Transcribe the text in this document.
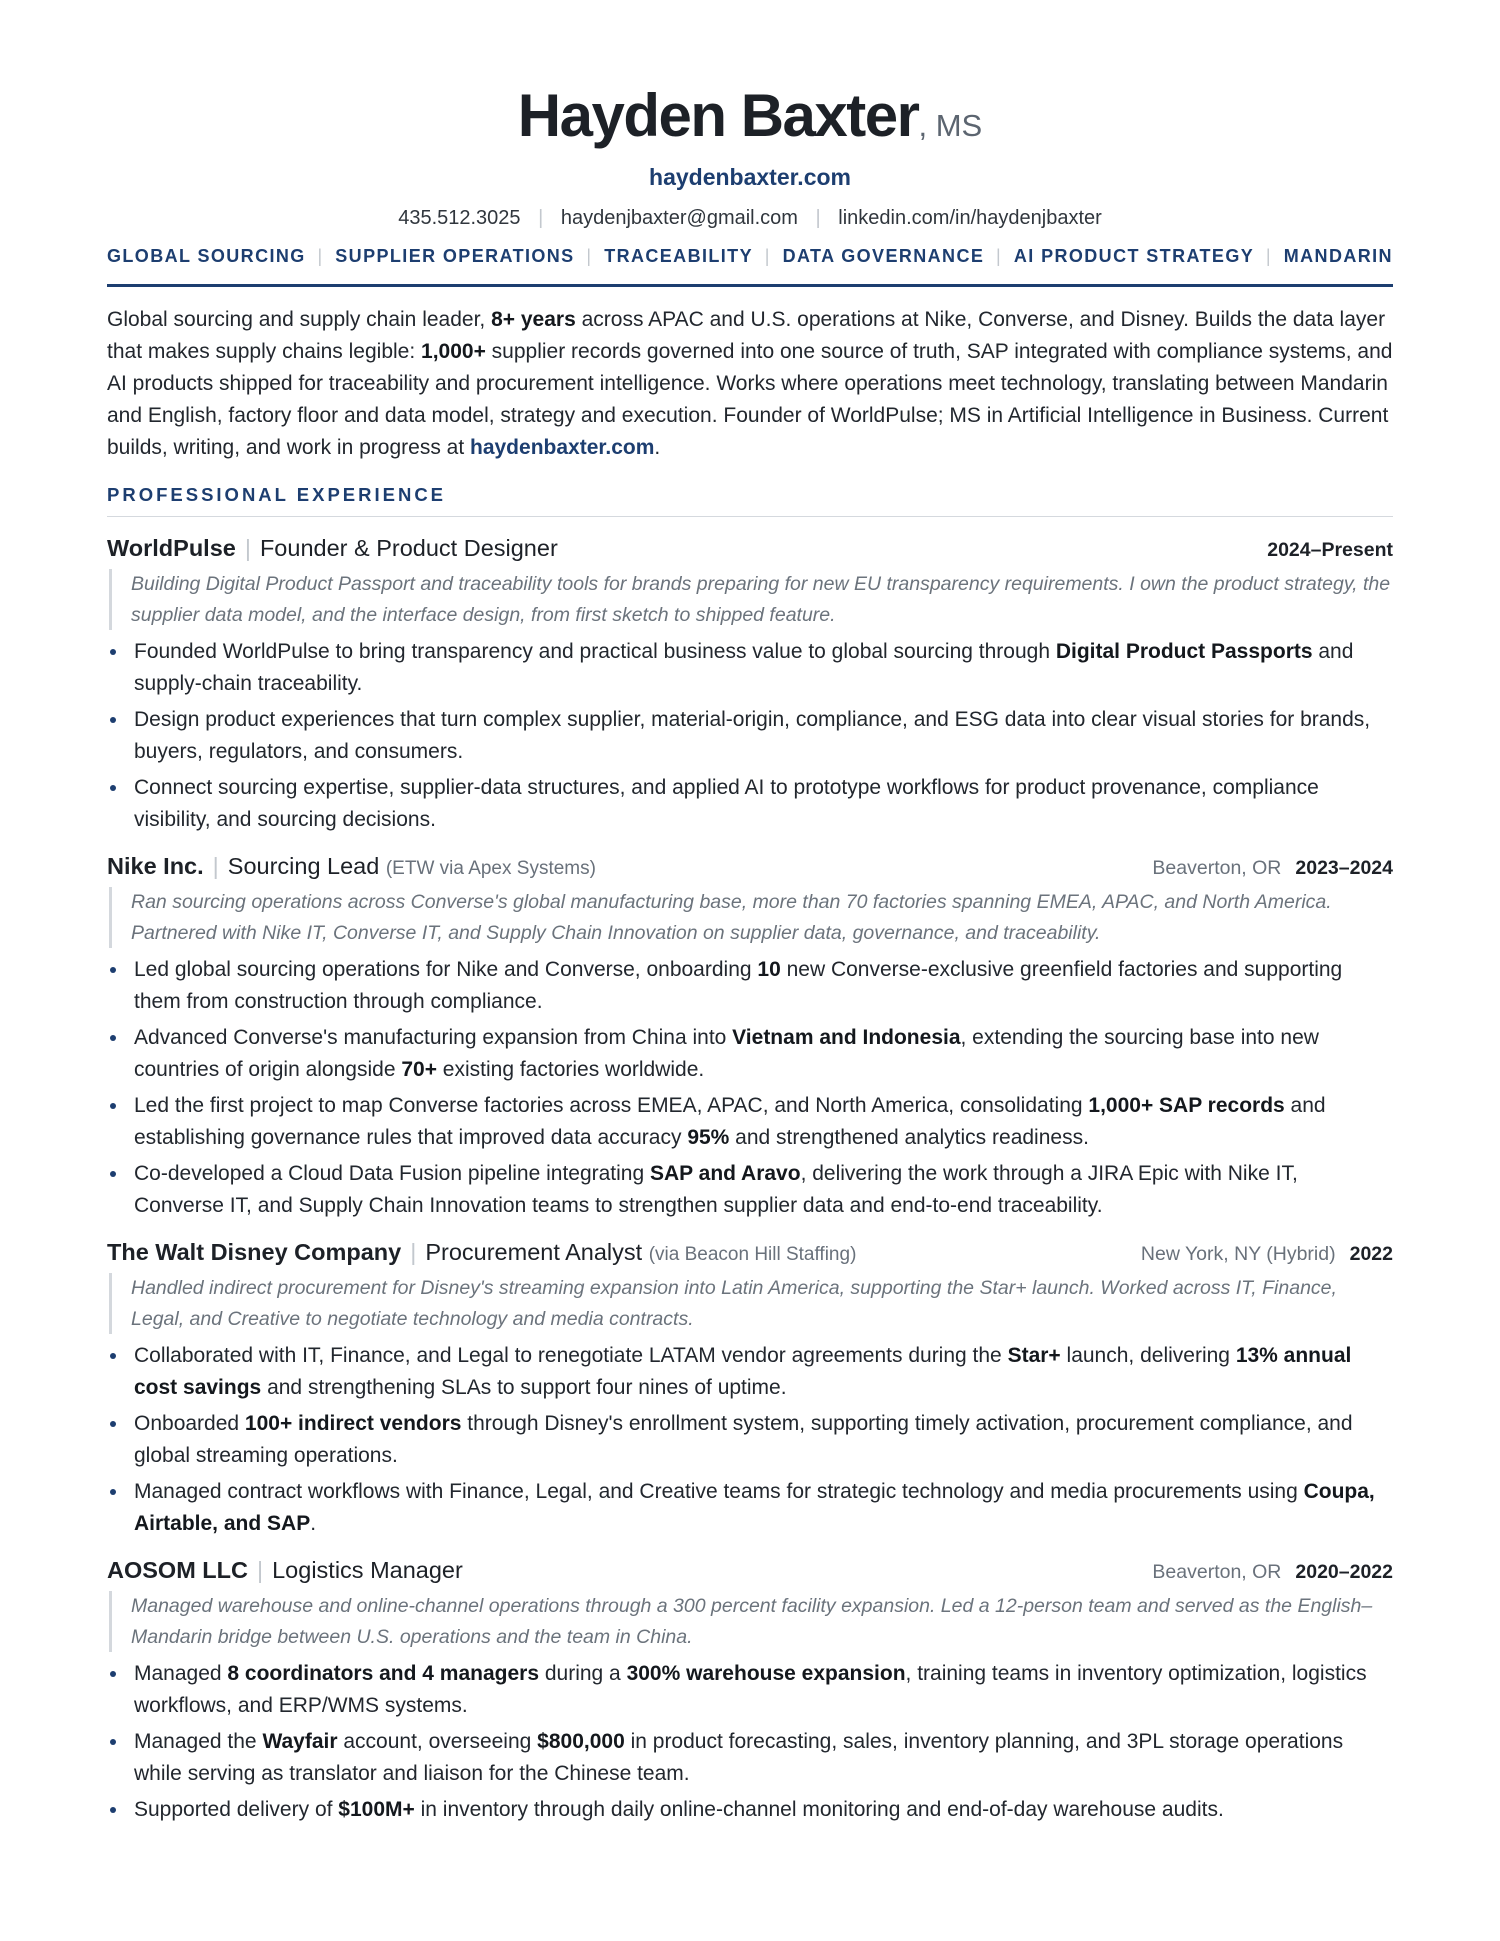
Hayden Baxter, MS
haydenbaxter.com
435.512.3025 | haydenjbaxter@gmail.com | linkedin.com/in/haydenjbaxter
GLOBAL SOURCING | SUPPLIER OPERATIONS | TRACEABILITY | DATA GOVERNANCE | AI PRODUCT STRATEGY | MANDARIN
Global sourcing and supply chain leader, 8+ years across APAC and U.S. operations at Nike, Converse, and Disney. Builds the data layer that makes supply chains legible: 1,000+ supplier records governed into one source of truth, SAP integrated with compliance systems, and AI products shipped for traceability and procurement intelligence. Works where operations meet technology, translating between Mandarin and English, factory floor and data model, strategy and execution. Founder of WorldPulse; MS in Artificial Intelligence in Business. Current builds, writing, and work in progress at haydenbaxter.com.
PROFESSIONAL EXPERIENCE
WorldPulse | Founder & Product Designer	2024–Present
Building Digital Product Passport and traceability tools for brands preparing for new EU transparency requirements. I own the product strategy, the supplier data model, and the interface design, from first sketch to shipped feature.
Founded WorldPulse to bring transparency and practical business value to global sourcing through Digital Product Passports and supply-chain traceability.
Design product experiences that turn complex supplier, material-origin, compliance, and ESG data into clear visual stories for brands, buyers, regulators, and consumers.
Connect sourcing expertise, supplier-data structures, and applied AI to prototype workflows for product provenance, compliance visibility, and sourcing decisions.
Nike Inc. | Sourcing Lead (ETW via Apex Systems)	Beaverton, OR 2023–2024
Ran sourcing operations across Converse's global manufacturing base, more than 70 factories spanning EMEA, APAC, and North America. Partnered with Nike IT, Converse IT, and Supply Chain Innovation on supplier data, governance, and traceability.
Led global sourcing operations for Nike and Converse, onboarding 10 new Converse-exclusive greenfield factories and supporting them from construction through compliance.
Advanced Converse's manufacturing expansion from China into Vietnam and Indonesia, extending the sourcing base into new countries of origin alongside 70+ existing factories worldwide.
Led the first project to map Converse factories across EMEA, APAC, and North America, consolidating 1,000+ SAP records and establishing governance rules that improved data accuracy 95% and strengthened analytics readiness.
Co-developed a Cloud Data Fusion pipeline integrating SAP and Aravo, delivering the work through a JIRA Epic with Nike IT, Converse IT, and Supply Chain Innovation teams to strengthen supplier data and end-to-end traceability.
The Walt Disney Company | Procurement Analyst (via Beacon Hill Staffing)	New York, NY (Hybrid) 2022
Handled indirect procurement for Disney's streaming expansion into Latin America, supporting the Star+ launch. Worked across IT, Finance, Legal, and Creative to negotiate technology and media contracts.
Collaborated with IT, Finance, and Legal to renegotiate LATAM vendor agreements during the Star+ launch, delivering 13% annual cost savings and strengthening SLAs to support four nines of uptime.
Onboarded 100+ indirect vendors through Disney's enrollment system, supporting timely activation, procurement compliance, and global streaming operations.
Managed contract workflows with Finance, Legal, and Creative teams for strategic technology and media procurements using Coupa, Airtable, and SAP.
AOSOM LLC | Logistics Manager	Beaverton, OR 2020–2022
Managed warehouse and online-channel operations through a 300 percent facility expansion. Led a 12-person team and served as the English–Mandarin bridge between U.S. operations and the team in China.
Managed 8 coordinators and 4 managers during a 300% warehouse expansion, training teams in inventory optimization, logistics workflows, and ERP/WMS systems.
Managed the Wayfair account, overseeing $800,000 in product forecasting, sales, inventory planning, and 3PL storage operations while serving as translator and liaison for the Chinese team.
Supported delivery of $100M+ in inventory through daily online-channel monitoring and end-of-day warehouse audits.
